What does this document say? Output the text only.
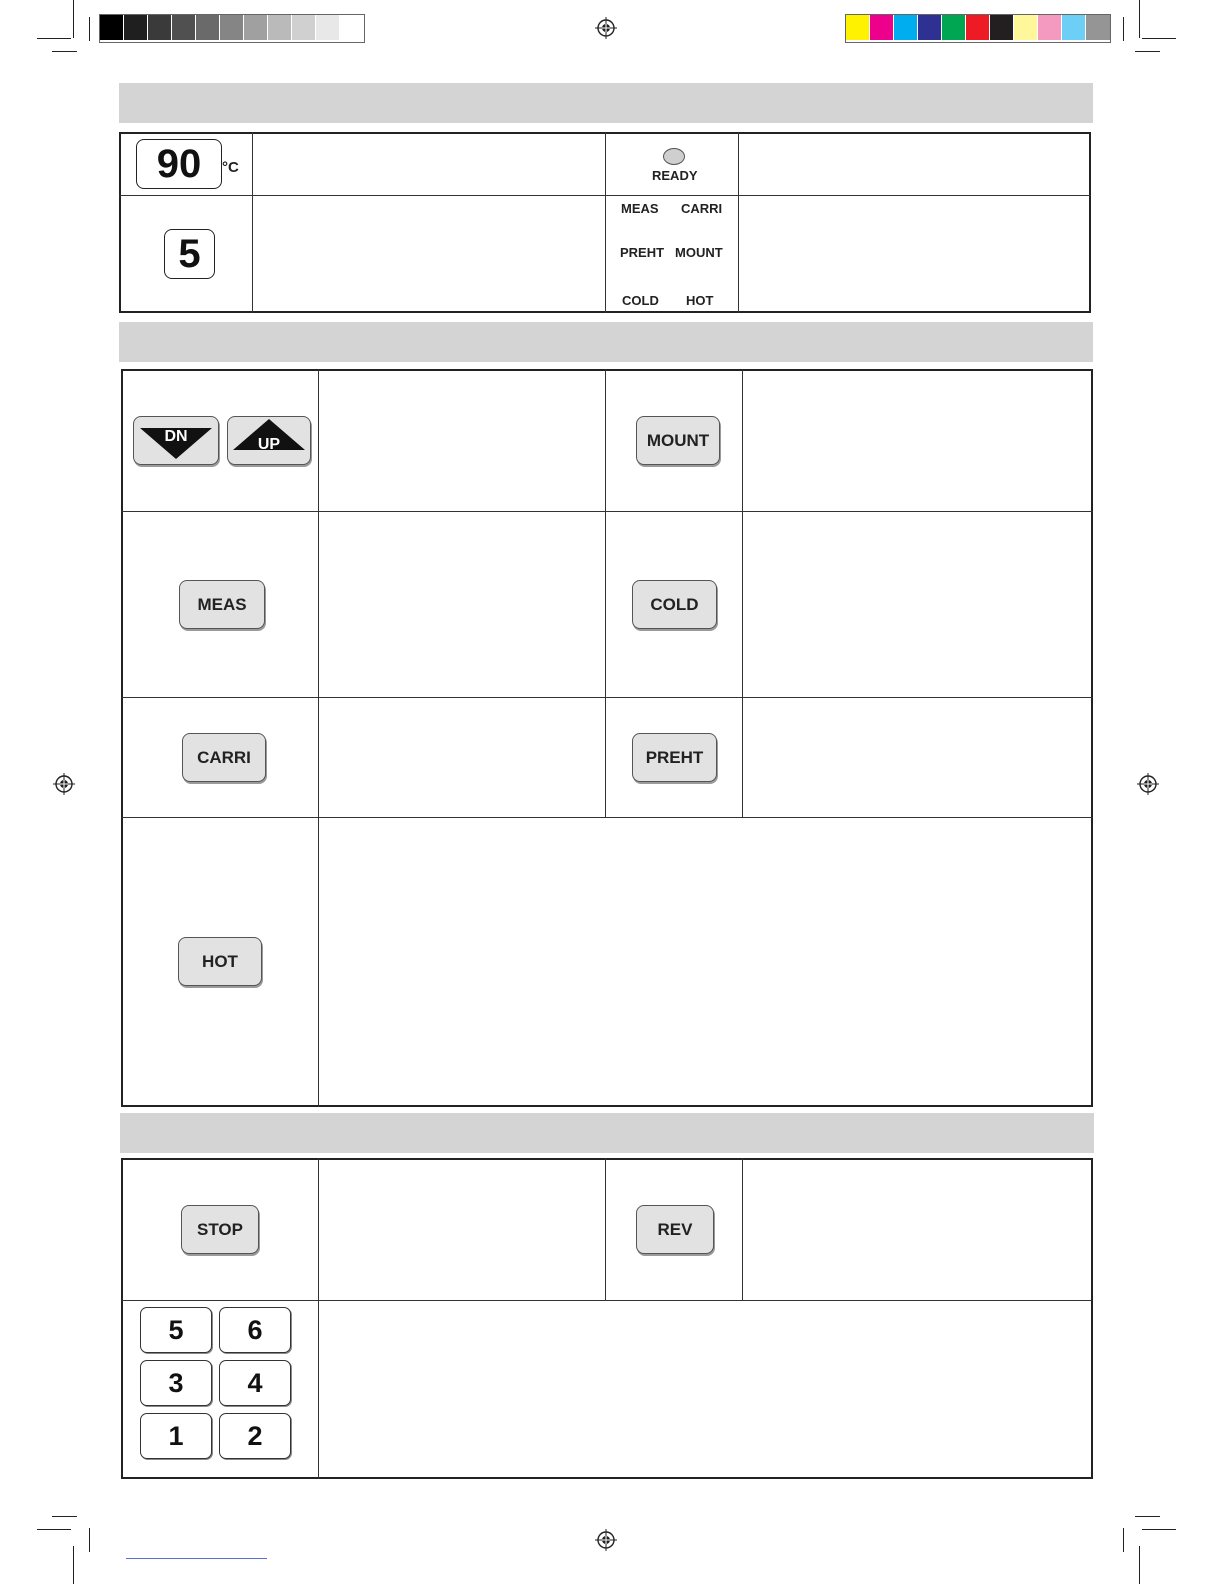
90	°C	READY
5
MEAS CARRI
PREHT MOUNT
COLD HOT
DN	UP	MOUNT
MEAS	COLD
CARRI	PREHT
HOT
STOP	REV
5	6
3	4
1	2
